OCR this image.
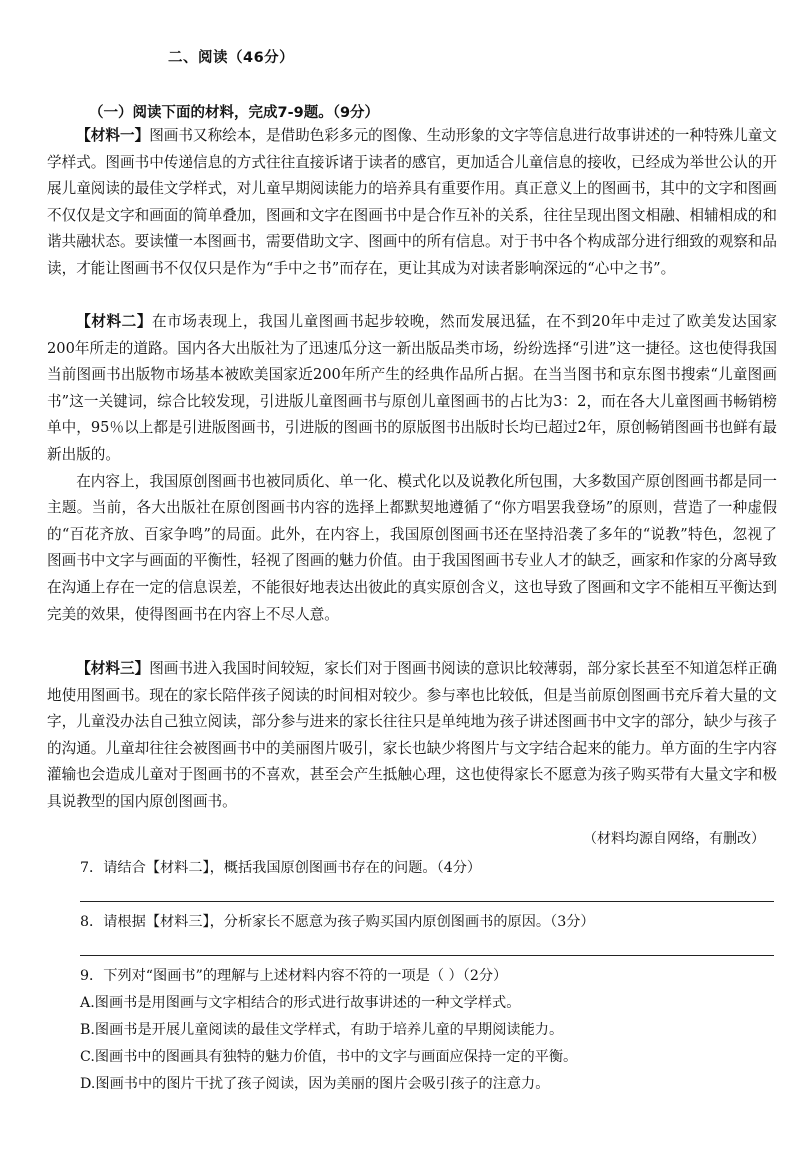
二、阅读（46分）
（一）阅读下面的材料，完成7-9题。（9分）

【材料一】图画书又称绘本，是借助色彩多元的图像、生动形象的文字等信息进行故事讲述的一种特殊儿童文学样式。图画书中传递信息的方式往往直接诉诸于读者的感官，更加适合儿童信息的接收，已经成为举世公认的开展儿童阅读的最佳文学样式，对儿童早期阅读能力的培养具有重要作用。真正意义上的图画书，其中的文字和图画不仅仅是文字和画面的简单叠加，图画和文字在图画书中是合作互补的关系，往往呈现出图文相融、相辅相成的和谐共融状态。要读懂一本图画书，需要借助文字、图画中的所有信息。对于书中各个构成部分进行细致的观察和品读，才能让图画书不仅仅只是作为“手中之书”而存在，更让其成为对读者影响深远的“心中之书”。

【材料二】在市场表现上，我国儿童图画书起步较晚，然而发展迅猛，在不到20年中走过了欧美发达国家200年所走的道路。国内各大出版社为了迅速瓜分这一新出版品类市场，纷纷选择“引进”这一捷径。这也使得我国当前图画书出版物市场基本被欧美国家近200年所产生的经典作品所占据。在当当图书和京东图书搜索“儿童图画书”这一关键词，综合比较发现，引进版儿童图画书与原创儿童图画书的占比为3：2，而在各大儿童图画书畅销榜单中，95％以上都是引进版图画书，引进版的图画书的原版图书出版时长均已超过2年，原创畅销图画书也鲜有最新出版的。

在内容上，我国原创图画书也被同质化、单一化、模式化以及说教化所包围，大多数国产原创图画书都是同一主题。当前，各大出版社在原创图画书内容的选择上都默契地遵循了“你方唱罢我登场”的原则，营造了一种虚假的“百花齐放、百家争鸣”的局面。此外，在内容上，我国原创图画书还在坚持沿袭了多年的“说教”特色，忽视了图画书中文字与画面的平衡性，轻视了图画的魅力价值。由于我国图画书专业人才的缺乏，画家和作家的分离导致在沟通上存在一定的信息误差，不能很好地表达出彼此的真实原创含义，这也导致了图画和文字不能相互平衡达到完美的效果，使得图画书在内容上不尽人意。

【材料三】图画书进入我国时间较短，家长们对于图画书阅读的意识比较薄弱，部分家长甚至不知道怎样正确地使用图画书。现在的家长陪伴孩子阅读的时间相对较少。参与率也比较低，但是当前原创图画书充斥着大量的文字，儿童没办法自己独立阅读，部分参与进来的家长往往只是单纯地为孩子讲述图画书中文字的部分，缺少与孩子的沟通。儿童却往往会被图画书中的美丽图片吸引，家长也缺少将图片与文字结合起来的能力。单方面的生字内容灌输也会造成儿童对于图画书的不喜欢，甚至会产生抵触心理，这也使得家长不愿意为孩子购买带有大量文字和极具说教型的国内原创图画书。

（材料均源自网络，有删改）
7．请结合【材料二】，概括我国原创图画书存在的问题。（4分）
8．请根据【材料三】，分析家长不愿意为孩子购买国内原创图画书的原因。（3分）
9．下列对“图画书”的理解与上述材料内容不符的一项是（ ）（2分）
A.图画书是用图画与文字相结合的形式进行故事讲述的一种文学样式。
B.图画书是开展儿童阅读的最佳文学样式，有助于培养儿童的早期阅读能力。
C.图画书中的图画具有独特的魅力价值，书中的文字与画面应保持一定的平衡。
D.图画书中的图片干扰了孩子阅读，因为美丽的图片会吸引孩子的注意力。
